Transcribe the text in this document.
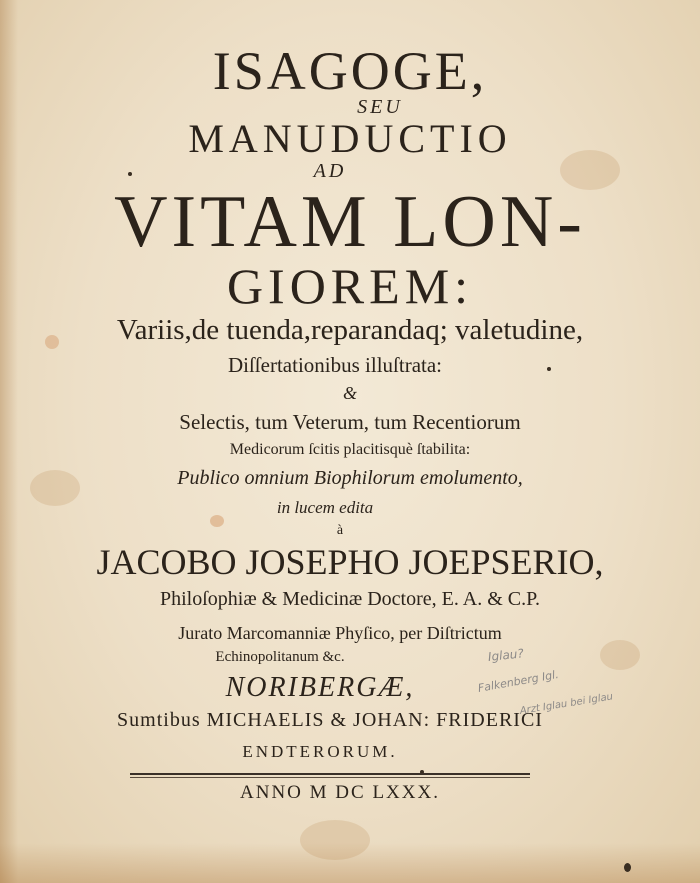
ISAGOGE,
SEU
MANUDUCTIO
AD
VITAM LON-
GIOREM:
Variis,de tuenda,reparandaq; valetudine,
Diſſertationibus illuſtrata:
&
Selectis, tum Veterum, tum Recentiorum
Medicorum ſcitis placitisquè ſtabilita:
Publico omnium Biophilorum emolumento,
in lucem edita
à
JACOBO JOSEPHO JOEPSERIO,
Philoſophiæ & Medicinæ Doctore, E. A. & C.P.
Jurato Marcomanniæ Phyſico, per Diſtrictum
Echinopolitanum &c.
NORIBERGÆ,
Sumtibus MICHAELIS & JOHAN: FRIDERICI
ENDTERORUM.
ANNO M DC LXXX.
Iglau?
Falkenberg Igl.
Arzt Iglau bei Iglau
